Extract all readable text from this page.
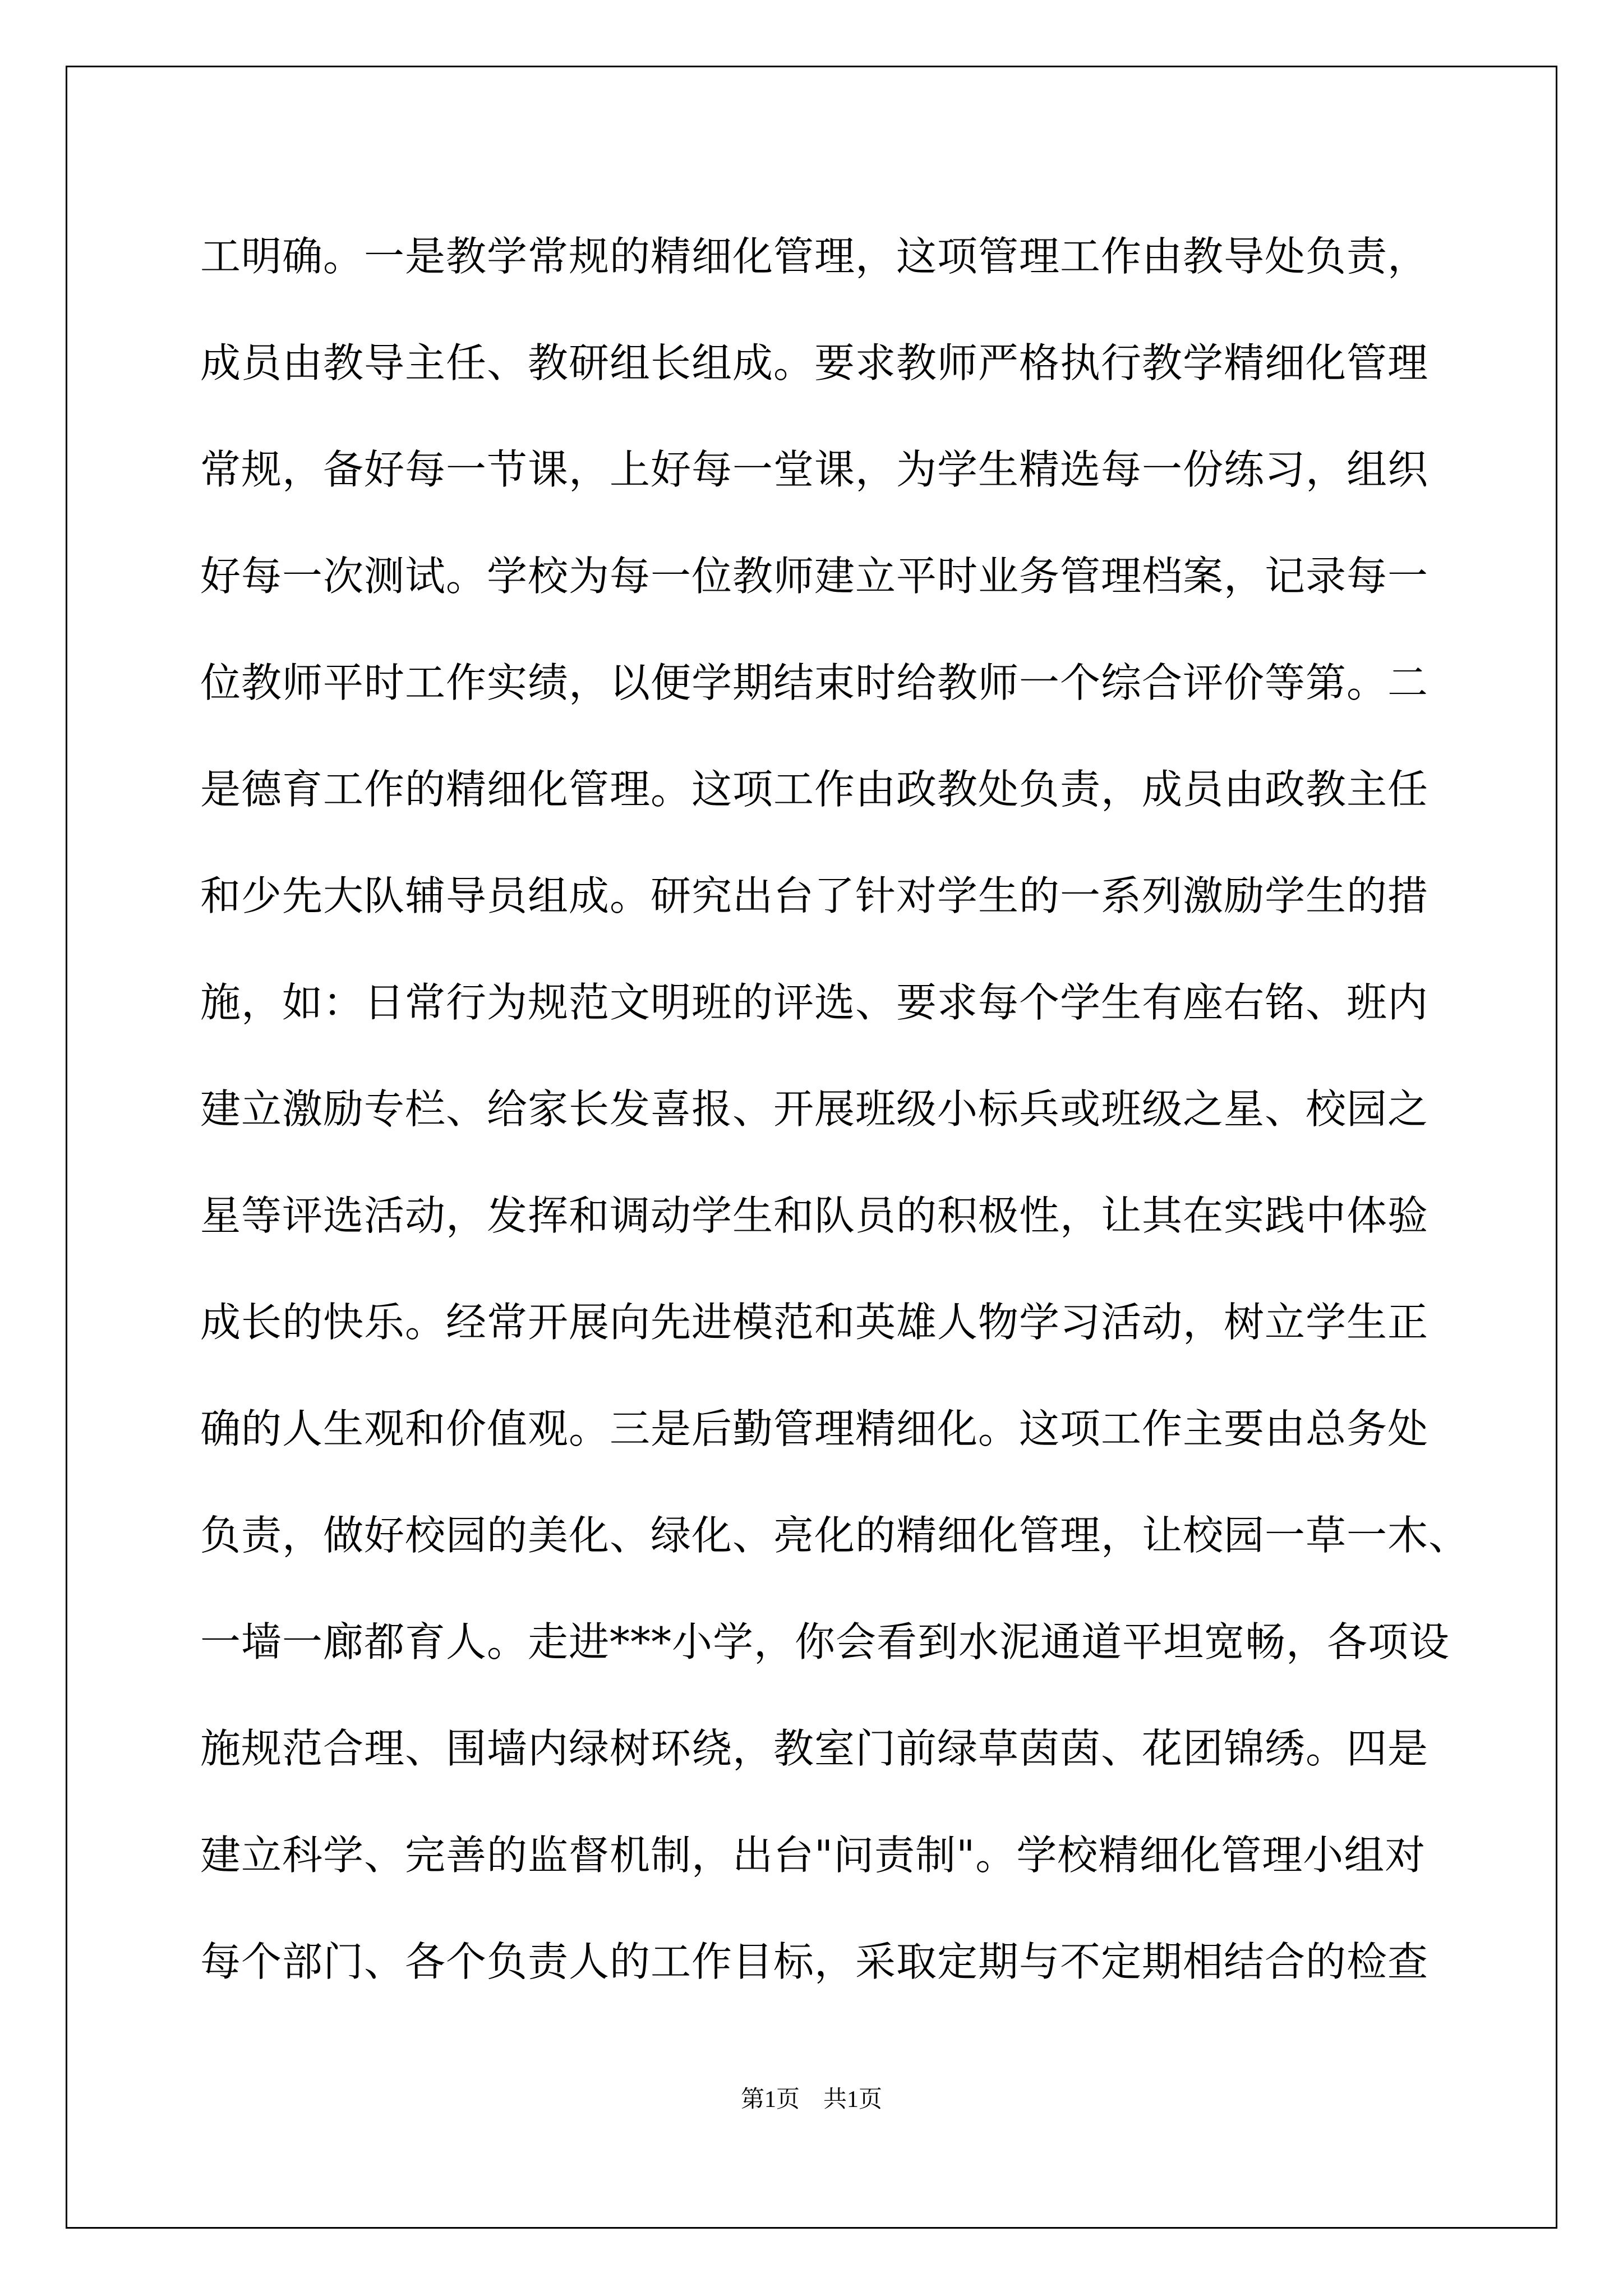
工明确。一是教学常规的精细化管理，这项管理工作由教导处负责，
成员由教导主任、教研组长组成。要求教师严格执行教学精细化管理
常规，备好每一节课，上好每一堂课，为学生精选每一份练习，组织
好每一次测试。学校为每一位教师建立平时业务管理档案，记录每一
位教师平时工作实绩，以便学期结束时给教师一个综合评价等第。二
是德育工作的精细化管理。这项工作由政教处负责，成员由政教主任
和少先大队辅导员组成。研究出台了针对学生的一系列激励学生的措
施，如：日常行为规范文明班的评选、要求每个学生有座右铭、班内
建立激励专栏、给家长发喜报、开展班级小标兵或班级之星、校园之
星等评选活动，发挥和调动学生和队员的积极性，让其在实践中体验
成长的快乐。经常开展向先进模范和英雄人物学习活动，树立学生正
确的人生观和价值观。三是后勤管理精细化。这项工作主要由总务处
负责，做好校园的美化、绿化、亮化的精细化管理，让校园一草一木、
一墙一廊都育人。走进***小学，你会看到水泥通道平坦宽畅，各项设
施规范合理、围墙内绿树环绕，教室门前绿草茵茵、花团锦绣。四是
建立科学、完善的监督机制，出台"问责制"。学校精细化管理小组对
每个部门、各个负责人的工作目标，采取定期与不定期相结合的检查
第1页　共1页
